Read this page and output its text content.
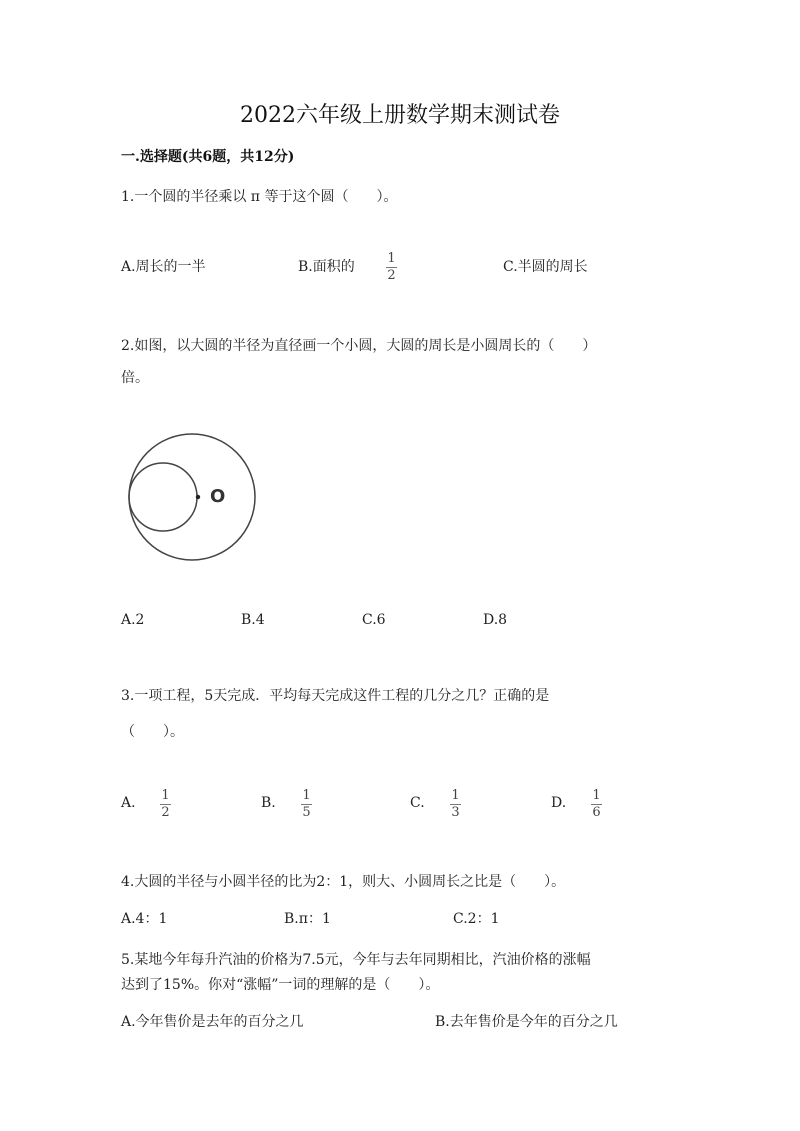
2022六年级上册数学期末测试卷
一.选择题(共6题，共12分)
1.一个圆的半径乘以 π 等于这个圆（　　）。
A.周长的一半	B.面积的
1
2
C.半圆的周长
2.如图，以大圆的半径为直径画一个小圆，大圆的周长是小圆周长的（　　）
倍。
O
A.2	B.4	C.6	D.8
3.一项工程，5天完成．平均每天完成这件工程的几分之几？正确的是
（　　）。
A. 1
2
B. 1
5
C. 1
3
D. 1
6
4.大圆的半径与小圆半径的比为2：1，则大、小圆周长之比是（　　）。
A.4：1	B.π：1	C.2：1
5.某地今年每升汽油的价格为7.5元，今年与去年同期相比，汽油价格的涨幅
达到了15%。你对“涨幅”一词的理解的是（　　）。
A.今年售价是去年的百分之几	B.去年售价是今年的百分之几
